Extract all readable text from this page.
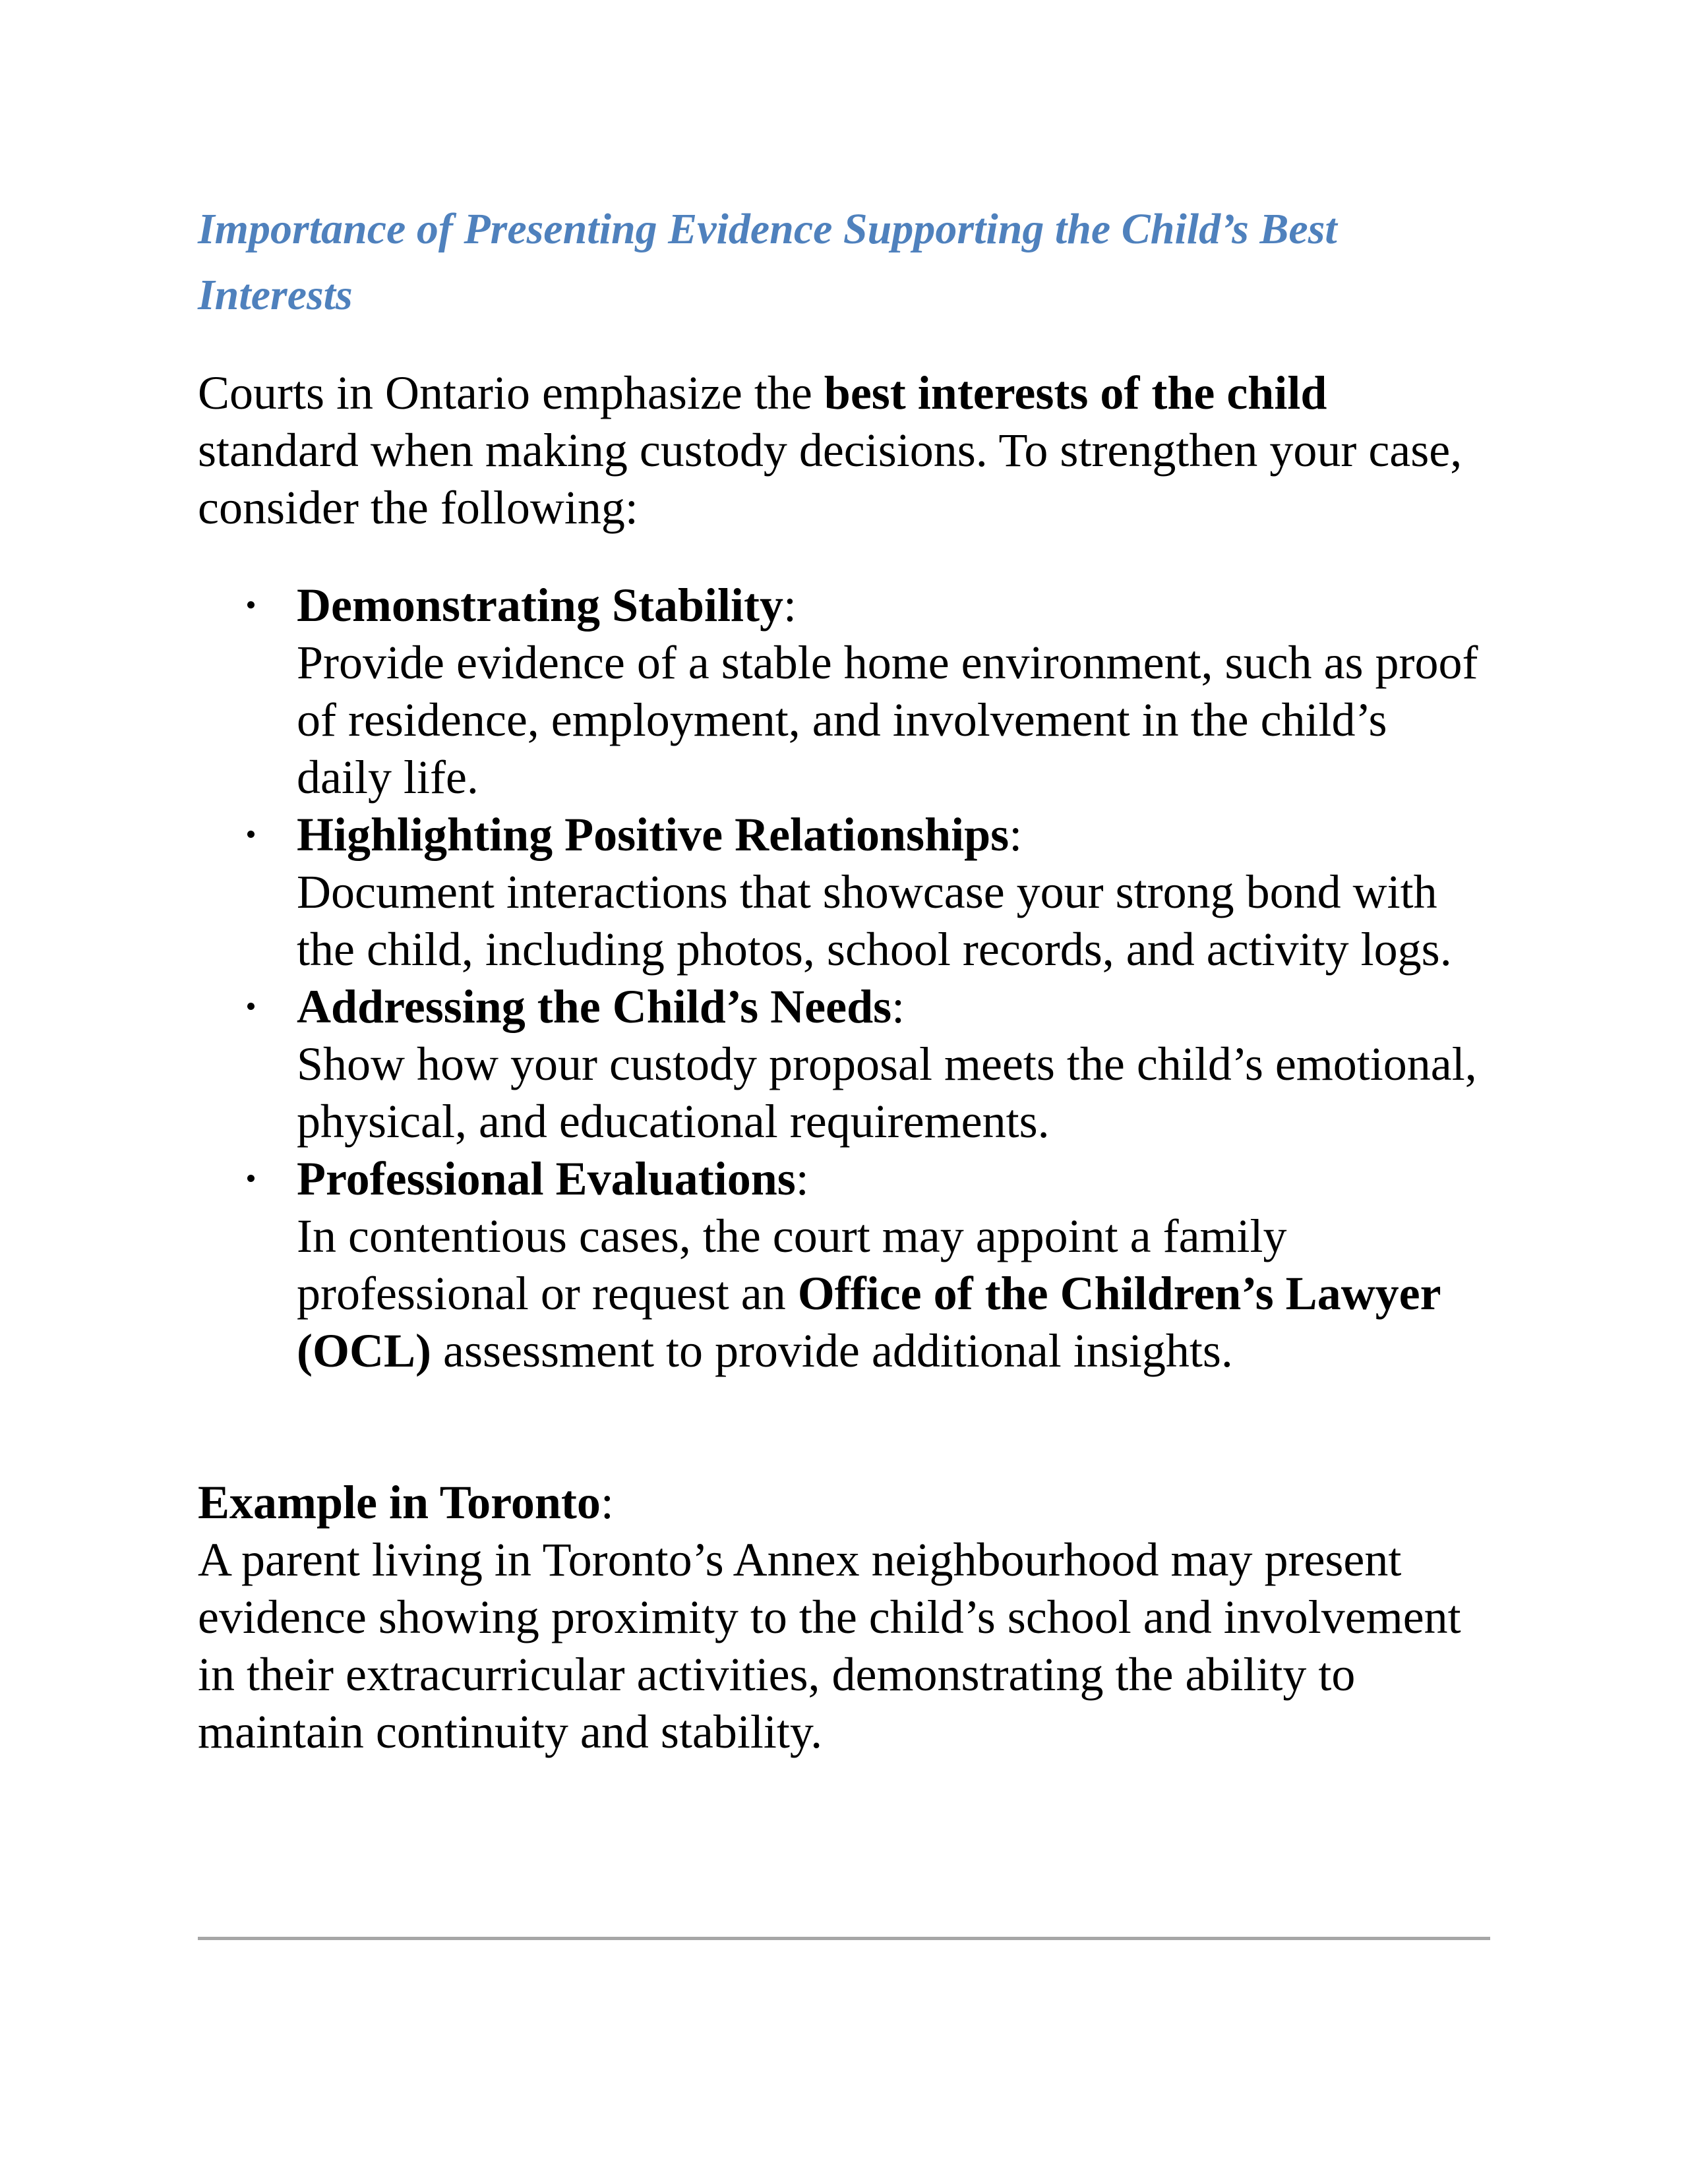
Importance of Presenting Evidence Supporting the Child’s Best Interests

Courts in Ontario emphasize the best interests of the child standard when making custody decisions. To strengthen your case, consider the following:

Demonstrating Stability:
Provide evidence of a stable home environment, such as proof of residence, employment, and involvement in the child’s daily life.
Highlighting Positive Relationships:
Document interactions that showcase your strong bond with the child, including photos, school records, and activity logs.
Addressing the Child’s Needs:
Show how your custody proposal meets the child’s emotional, physical, and educational requirements.
Professional Evaluations:
In contentious cases, the court may appoint a family professional or request an Office of the Children’s Lawyer (OCL) assessment to provide additional insights.

Example in Toronto:
A parent living in Toronto’s Annex neighbourhood may present evidence showing proximity to the child’s school and involvement in their extracurricular activities, demonstrating the ability to maintain continuity and stability.
